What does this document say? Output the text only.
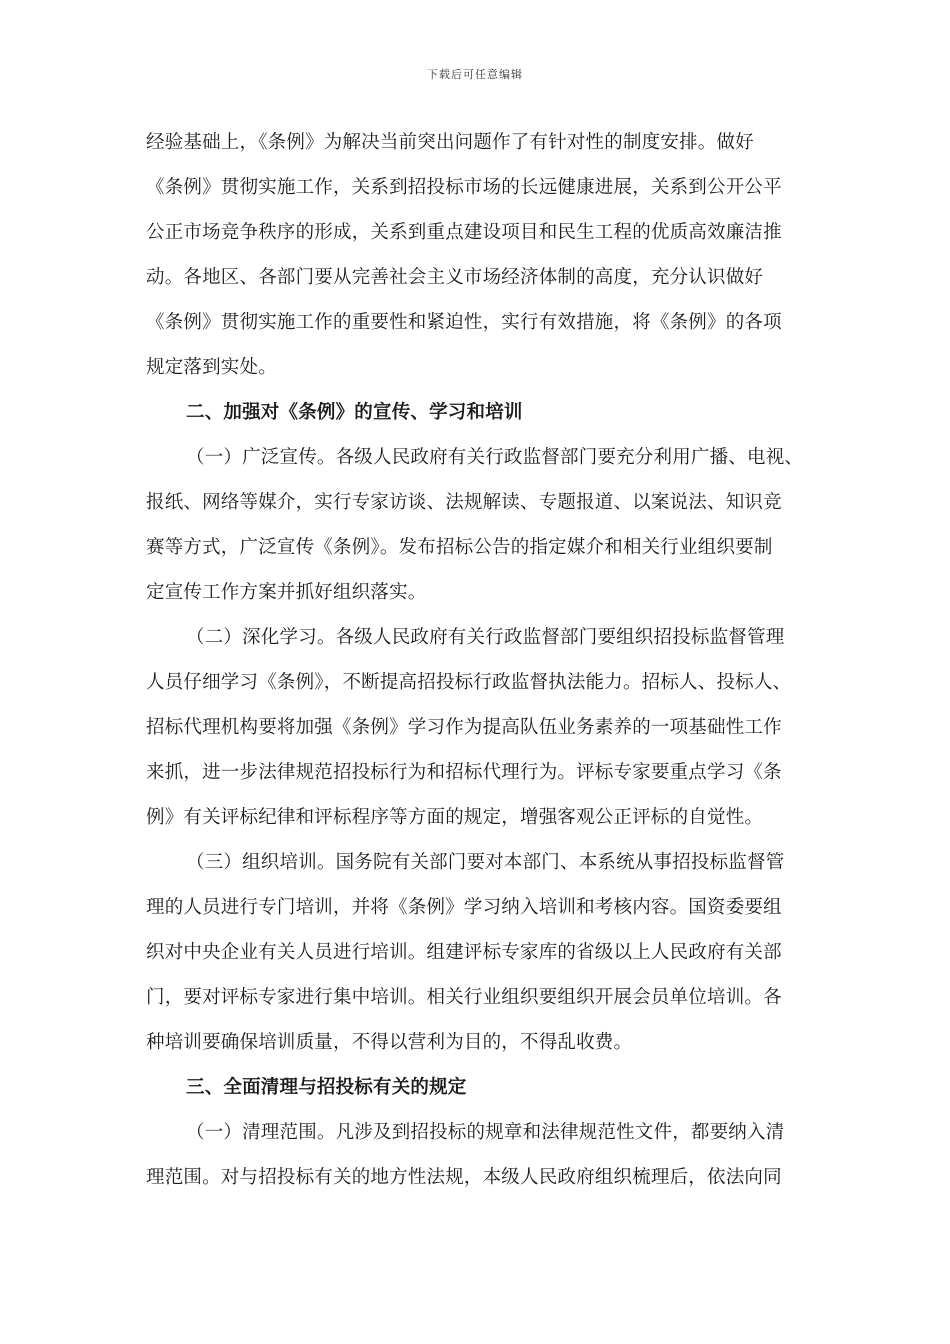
下载后可任意编辑
经验基础上，《条例》为解决当前突出问题作了有针对性的制度安排。做好
《条例》贯彻实施工作，关系到招投标市场的长远健康进展，关系到公开公平
公正市场竞争秩序的形成，关系到重点建设项目和民生工程的优质高效廉洁推
动。各地区、各部门要从完善社会主义市场经济体制的高度，充分认识做好
《条例》贯彻实施工作的重要性和紧迫性，实行有效措施，将《条例》的各项
规定落到实处。
二、加强对《条例》的宣传、学习和培训
（一）广泛宣传。各级人民政府有关行政监督部门要充分利用广播、电视、
报纸、网络等媒介，实行专家访谈、法规解读、专题报道、以案说法、知识竞
赛等方式，广泛宣传《条例》。发布招标公告的指定媒介和相关行业组织要制
定宣传工作方案并抓好组织落实。
（二）深化学习。各级人民政府有关行政监督部门要组织招投标监督管理
人员仔细学习《条例》，不断提高招投标行政监督执法能力。招标人、投标人、
招标代理机构要将加强《条例》学习作为提高队伍业务素养的一项基础性工作
来抓，进一步法律规范招投标行为和招标代理行为。评标专家要重点学习《条
例》有关评标纪律和评标程序等方面的规定，增强客观公正评标的自觉性。
（三）组织培训。国务院有关部门要对本部门、本系统从事招投标监督管
理的人员进行专门培训，并将《条例》学习纳入培训和考核内容。国资委要组
织对中央企业有关人员进行培训。组建评标专家库的省级以上人民政府有关部
门，要对评标专家进行集中培训。相关行业组织要组织开展会员单位培训。各
种培训要确保培训质量，不得以营利为目的，不得乱收费。
三、全面清理与招投标有关的规定
（一）清理范围。凡涉及到招投标的规章和法律规范性文件，都要纳入清
理范围。对与招投标有关的地方性法规，本级人民政府组织梳理后，依法向同
